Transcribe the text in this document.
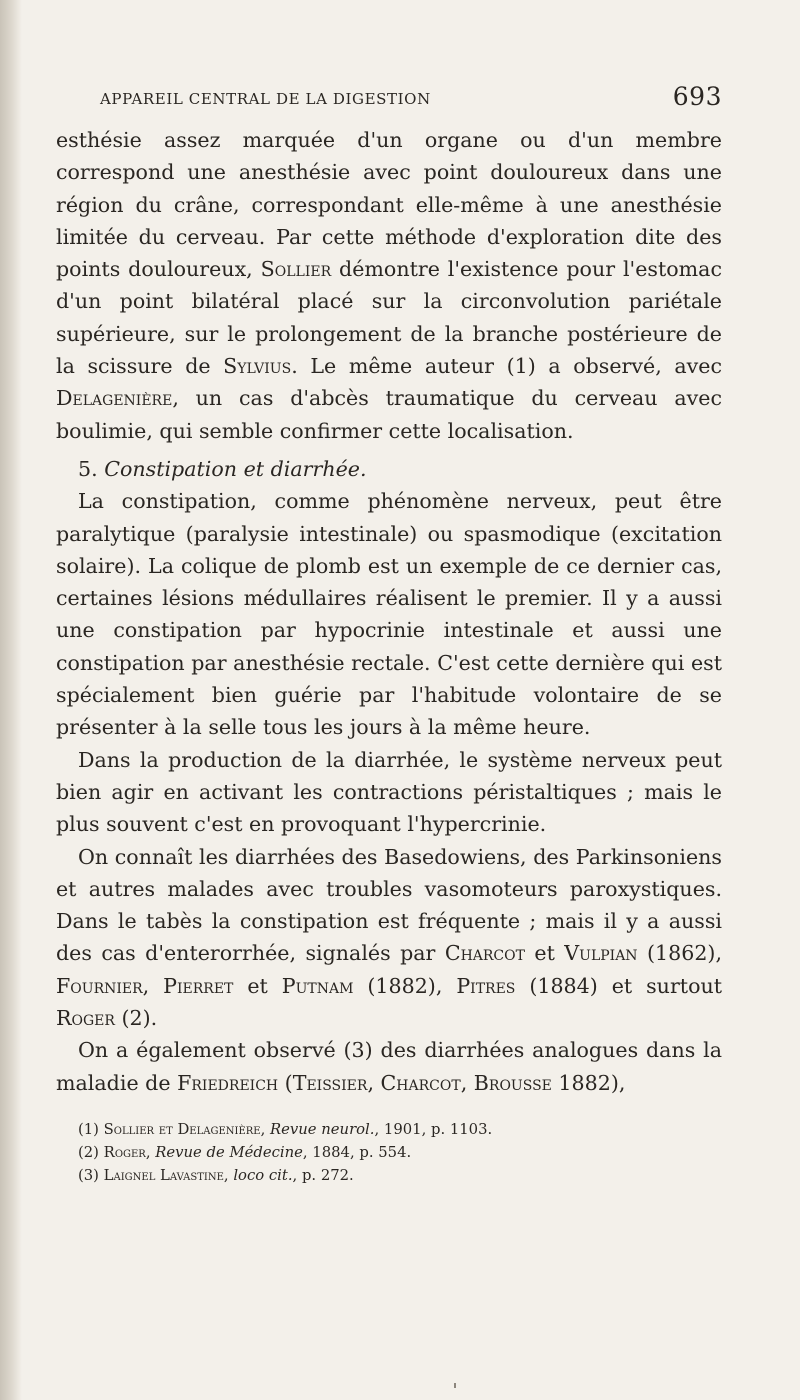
APPAREIL CENTRAL DE LA DIGESTION	693

esthésie assez marquée d'un organe ou d'un membre correspond une anesthésie avec point douloureux dans une région du crâne, correspondant elle-même à une anesthésie limitée du cerveau. Par cette méthode d'exploration dite des points douloureux, Sollier démontre l'existence pour l'estomac d'un point bilatéral placé sur la circonvolution pariétale supérieure, sur le prolongement de la branche postérieure de la scissure de Sylvius. Le même auteur (1) a observé, avec Delagenière, un cas d'abcès traumatique du cerveau avec boulimie, qui semble confirmer cette localisation.

5. Constipation et diarrhée.

La constipation, comme phénomène nerveux, peut être paralytique (paralysie intestinale) ou spasmodique (excitation solaire). La colique de plomb est un exemple de ce dernier cas, certaines lésions médullaires réalisent le premier. Il y a aussi une constipation par hypocrinie intestinale et aussi une constipation par anesthésie rectale. C'est cette dernière qui est spécialement bien guérie par l'habitude volontaire de se présenter à la selle tous les jours à la même heure.

Dans la production de la diarrhée, le système nerveux peut bien agir en activant les contractions péristaltiques ; mais le plus souvent c'est en provoquant l'hypercrinie.

On connaît les diarrhées des Basedowiens, des Parkinsoniens et autres malades avec troubles vasomoteurs paroxystiques. Dans le tabès la constipation est fréquente ; mais il y a aussi des cas d'enterorrhée, signalés par Charcot et Vulpian (1862), Fournier, Pierret et Putnam (1882), Pitres (1884) et surtout Roger (2).

On a également observé (3) des diarrhées analogues dans la maladie de Friedreich (Teissier, Charcot, Brousse 1882),

(1) Sollier et Delagenière, Revue neurol., 1901, p. 1103.

(2) Roger, Revue de Médecine, 1884, p. 554.

(3) Laignel Lavastine, loco cit., p. 272.
